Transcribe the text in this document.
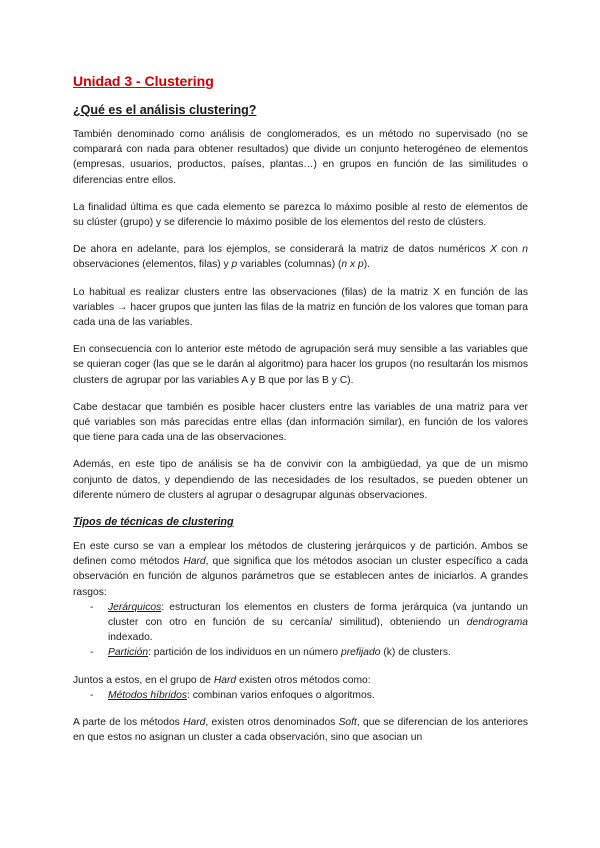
Unidad 3 - Clustering
¿Qué es el análisis clustering?

También denominado como análisis de conglomerados, es un método no supervisado (no se comparará con nada para obtener resultados) que divide un conjunto heterogéneo de elementos (empresas, usuarios, productos, países, plantas…) en grupos en función de las similitudes o diferencias entre ellos.

La finalidad última es que cada elemento se parezca lo máximo posible al resto de elementos de su clúster (grupo) y se diferencie lo máximo posible de los elementos del resto de clústers.

De ahora en adelante, para los ejemplos, se considerará la matriz de datos numéricos X con n observaciones (elementos, filas) y p variables (columnas) (n x p).

Lo habitual es realizar clusters entre las observaciones (filas) de la matriz X en función de las variables → hacer grupos que junten las filas de la matriz en función de los valores que toman para cada una de las variables.

En consecuencia con lo anterior este método de agrupación será muy sensible a las variables que se quieran coger (las que se le darán al algoritmo) para hacer los grupos (no resultarán los mismos clusters de agrupar por las variables A y B que por las B y C).

Cabe destacar que también es posible hacer clusters entre las variables de una matriz para ver qué variables son más parecidas entre ellas (dan información similar), en función de los valores que tiene para cada una de las observaciones.

Además, en este tipo de análisis se ha de convivir con la ambigüedad, ya que de un mismo conjunto de datos, y dependiendo de las necesidades de los resultados, se pueden obtener un diferente número de clusters al agrupar o desagrupar algunas observaciones.

Tipos de técnicas de clustering

En este curso se van a emplear los métodos de clustering jerárquicos y de partición. Ambos se definen como métodos Hard, que significa que los métodos asocian un cluster específico a cada observación en función de algunos parámetros que se establecen antes de iniciarlos. A grandes rasgos:

- Jerárquicos: estructuran los elementos en clusters de forma jerárquica (va juntando un cluster con otro en función de su cercanía/ similitud), obteniendo un dendrograma indexado.
- Partición: partición de los individuos en un número prefijado (k) de clusters.

Juntos a estos, en el grupo de Hard existen otros métodos como:

- Métodos híbridos: combinan varios enfoques o algoritmos.

A parte de los métodos Hard, existen otros denominados Soft, que se diferencian de los anteriores en que estos no asignan un cluster a cada observación, sino que asocian un
